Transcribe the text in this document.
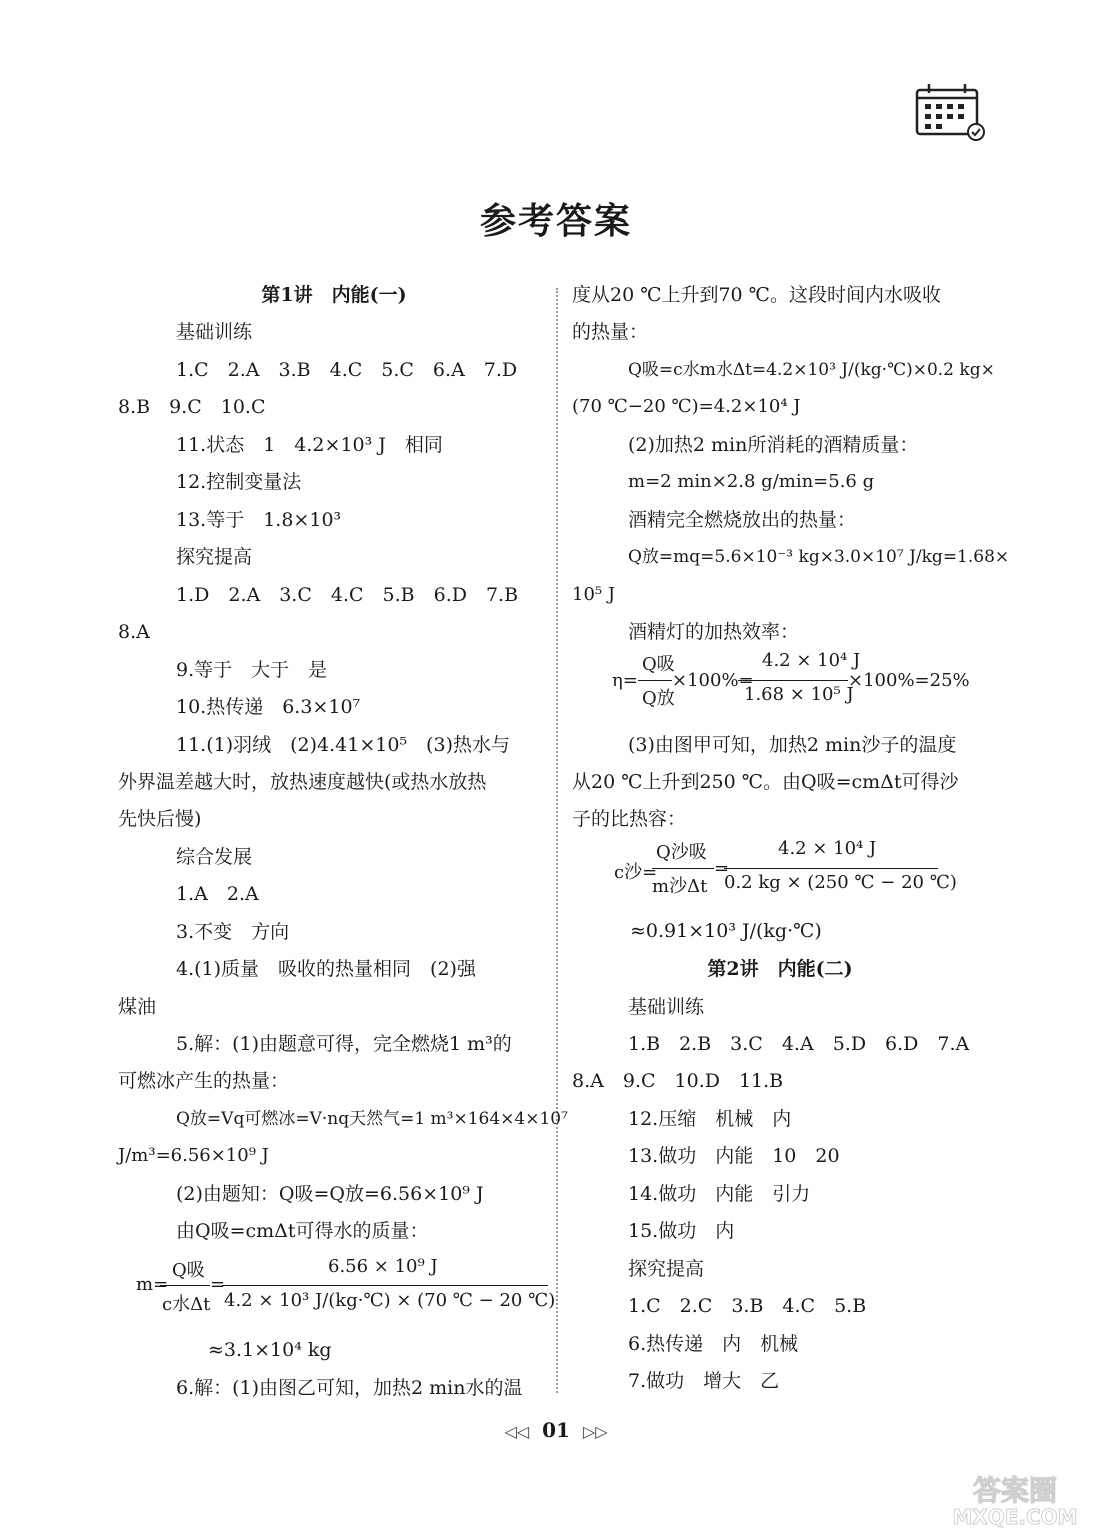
参考答案
第1讲　内能(一)
基础训练
1.C　2.A　3.B　4.C　5.C　6.A　7.D
8.B　9.C　10.C
11.状态　1　4.2×10³ J　相同
12.控制变量法
13.等于　1.8×10³
探究提高
1.D　2.A　3.C　4.C　5.B　6.D　7.B
8.A
9.等于　大于　是
10.热传递　6.3×10⁷
11.(1)羽绒　(2)4.41×10⁵　(3)热水与
外界温差越大时，放热速度越快(或热水放热
先快后慢)
综合发展
1.A　2.A
3.不变　方向
4.(1)质量　吸收的热量相同　(2)强
煤油
5.解：(1)由题意可得，完全燃烧1 m³的
可燃冰产生的热量：
Q放=Vq可燃冰=V·nq天然气=1 m³×164×4×10⁷
J/m³=6.56×10⁹ J
(2)由题知：Q吸=Q放=6.56×10⁹ J
由Q吸=cmΔt可得水的质量：
Q吸
m=
c水Δt
=
6.56 × 10⁹ J
4.2 × 10³ J/(kg·℃) × (70 ℃ − 20 ℃)
≈3.1×10⁴ kg
6.解：(1)由图乙可知，加热2 min水的温
度从20 ℃上升到70 ℃。这段时间内水吸收
的热量：
Q吸=c水m水Δt=4.2×10³ J/(kg·℃)×0.2 kg×
(70 ℃−20 ℃)=4.2×10⁴ J
(2)加热2 min所消耗的酒精质量：
m=2 min×2.8 g/min=5.6 g
酒精完全燃烧放出的热量：
Q放=mq=5.6×10⁻³ kg×3.0×10⁷ J/kg=1.68×
10⁵ J
酒精灯的加热效率：
η=
Q吸
Q放
×100%=
4.2 × 10⁴ J
1.68 × 10⁵ J
×100%=25%
(3)由图甲可知，加热2 min沙子的温度
从20 ℃上升到250 ℃。由Q吸=cmΔt可得沙
子的比热容：
c沙=
Q沙吸
m沙Δt
=
4.2 × 10⁴ J
0.2 kg × (250 ℃ − 20 ℃)
≈0.91×10³ J/(kg·℃)
第2讲　内能(二)
基础训练
1.B　2.B　3.C　4.A　5.D　6.D　7.A
8.A　9.C　10.D　11.B
12.压缩　机械　内
13.做功　内能　10　20
14.做功　内能　引力
15.做功　内
探究提高
1.C　2.C　3.B　4.C　5.B
6.热传递　内　机械
7.做功　增大　乙
◁◁ 01 ▷▷
答案圈
MXQE.COM
